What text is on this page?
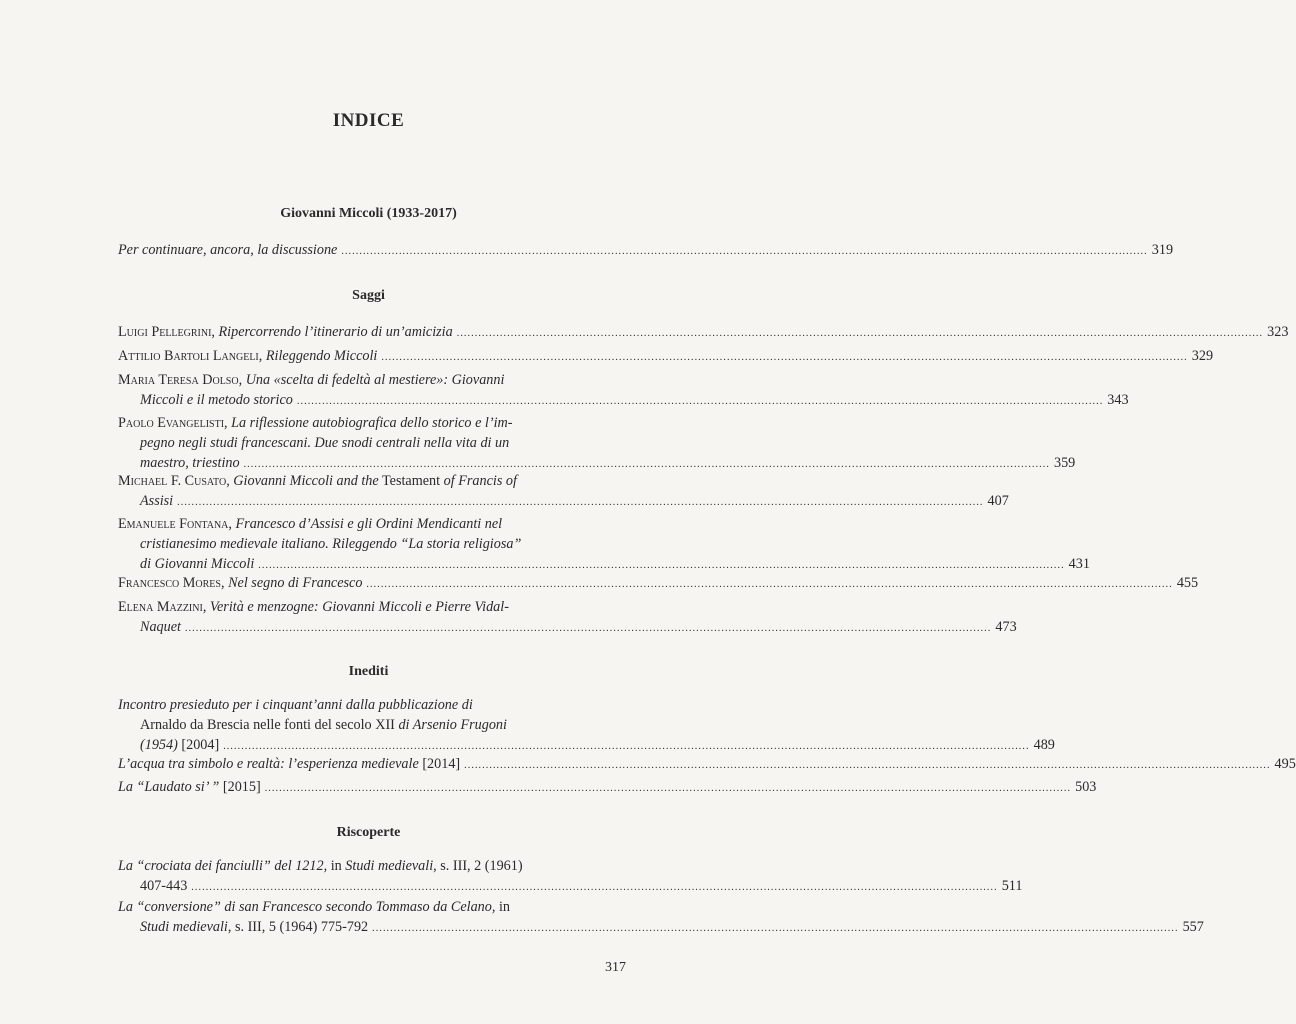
INDICE
Giovanni Miccoli (1933-2017)
Per continuare, ancora, la discussione ................................................................................................................................................................................................................................ 319
Saggi
Luigi Pellegrini, Ripercorrendo l’itinerario di un’amicizia ................................................................................................................................................................................................................................ 323
Attilio Bartoli Langeli, Rileggendo Miccoli ................................................................................................................................................................................................................................ 329
Maria Teresa Dolso, Una «scelta di fedeltà al mestiere»: Giovanni
Miccoli e il metodo storico ................................................................................................................................................................................................................................ 343
Paolo Evangelisti, La riflessione autobiografica dello storico e l’im-
pegno negli studi francescani. Due snodi centrali nella vita di un
maestro, triestino ................................................................................................................................................................................................................................ 359
Michael F. Cusato, Giovanni Miccoli and the Testament of Francis of
Assisi ................................................................................................................................................................................................................................ 407
Emanuele Fontana, Francesco d’Assisi e gli Ordini Mendicanti nel
cristianesimo medievale italiano. Rileggendo “La storia religiosa”
di Giovanni Miccoli ................................................................................................................................................................................................................................ 431
Francesco Mores, Nel segno di Francesco ................................................................................................................................................................................................................................ 455
Elena Mazzini, Verità e menzogne: Giovanni Miccoli e Pierre Vidal-
Naquet ................................................................................................................................................................................................................................ 473
Inediti
Incontro presieduto per i cinquant’anni dalla pubblicazione di
Arnaldo da Brescia nelle fonti del secolo XII di Arsenio Frugoni
(1954) [2004] ................................................................................................................................................................................................................................ 489
L’acqua tra simbolo e realtà: l’esperienza medievale [2014] ................................................................................................................................................................................................................................ 495
La “Laudato si’ ” [2015] ................................................................................................................................................................................................................................ 503
Riscoperte
La “crociata dei fanciulli” del 1212, in Studi medievali, s. III, 2 (1961)
407-443 ................................................................................................................................................................................................................................ 511
La “conversione” di san Francesco secondo Tommaso da Celano, in
Studi medievali, s. III, 5 (1964) 775-792 ................................................................................................................................................................................................................................ 557
317
